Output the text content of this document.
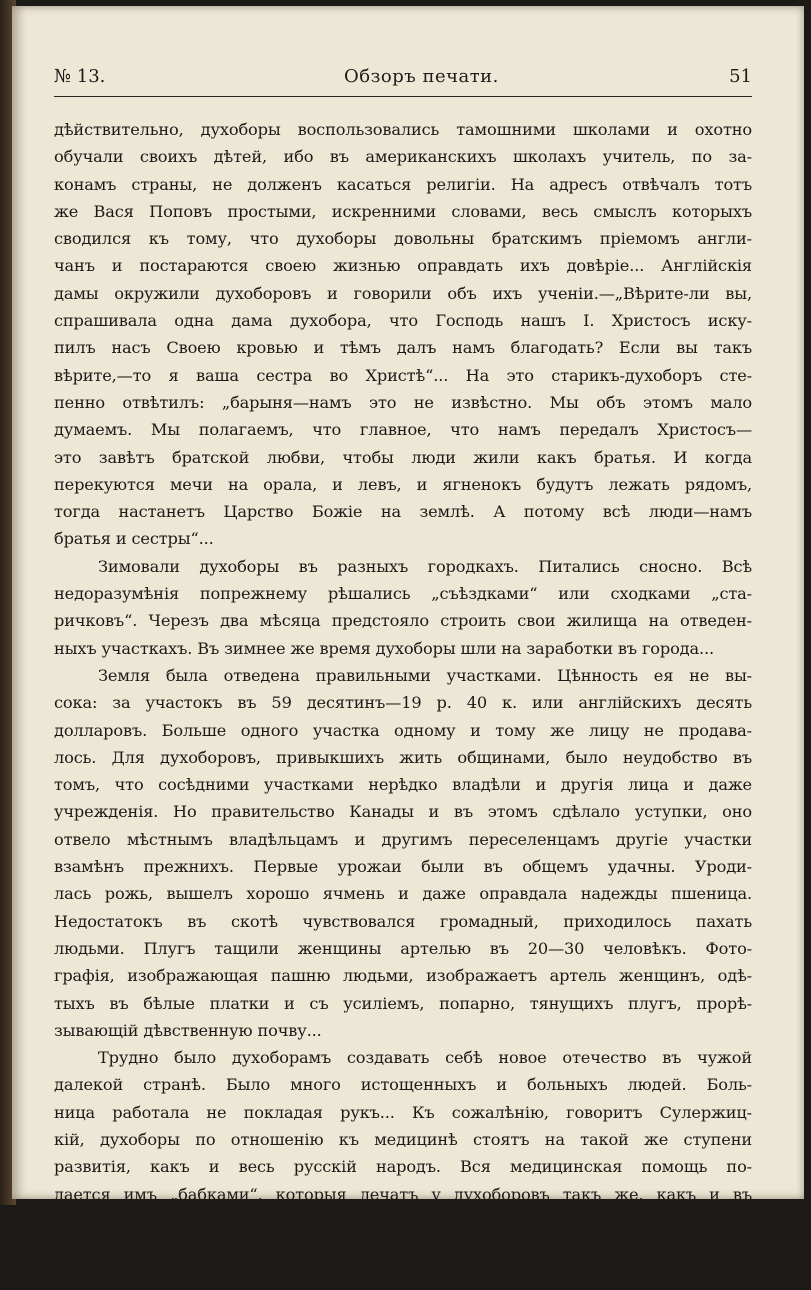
№ 13.	Обзоръ печати.	51
дѣйствительно, духоборы воспользовались тамошними школами и охотно
обучали своихъ дѣтей, ибо въ американскихъ школахъ учитель, по за-
конамъ страны, не долженъ касаться религіи. На адресъ отвѣчалъ тотъ
же Вася Поповъ простыми, искренними словами, весь смыслъ которыхъ
сводился къ тому, что духоборы довольны братскимъ пріемомъ англи-
чанъ и постараются своею жизнью оправдать ихъ довѣріе... Англійскія
дамы окружили духоборовъ и говорили объ ихъ ученіи.—„Вѣрите-ли вы,
спрашивала одна дама духобора, что Господь нашъ І. Христосъ иску-
пилъ насъ Своею кровью и тѣмъ далъ намъ благодать? Если вы такъ
вѣрите,—то я ваша сестра во Христѣ“... На это старикъ-духоборъ сте-
пенно отвѣтилъ: „барыня—намъ это не извѣстно. Мы объ этомъ мало
думаемъ. Мы полагаемъ, что главное, что намъ передалъ Христосъ—
это завѣтъ братской любви, чтобы люди жили какъ братья. И когда
перекуются мечи на орала, и левъ, и ягненокъ будутъ лежать рядомъ,
тогда настанетъ Царство Божіе на землѣ. А потому всѣ люди—намъ
братья и сестры“...
Зимовали духоборы въ разныхъ городкахъ. Питались сносно. Всѣ
недоразумѣнія попрежнему рѣшались „съѣздками“ или сходками „ста-
ричковъ“. Черезъ два мѣсяца предстояло строить свои жилища на отведен-
ныхъ участкахъ. Въ зимнее же время духоборы шли на заработки въ города...
Земля была отведена правильными участками. Цѣнность ея не вы-
сока: за участокъ въ 59 десятинъ—19 р. 40 к. или англійскихъ десять
долларовъ. Больше одного участка одному и тому же лицу не продава-
лось. Для духоборовъ, привыкшихъ жить общинами, было неудобство въ
томъ, что сосѣдними участками нерѣдко владѣли и другія лица и даже
учрежденія. Но правительство Канады и въ этомъ сдѣлало уступки, оно
отвело мѣстнымъ владѣльцамъ и другимъ переселенцамъ другіе участки
взамѣнъ прежнихъ. Первые урожаи были въ общемъ удачны. Уроди-
лась рожь, вышелъ хорошо ячмень и даже оправдала надежды пшеница.
Недостатокъ въ скотѣ чувствовался громадный, приходилось пахать
людьми. Плугъ тащили женщины артелью въ 20—30 человѣкъ. Фото-
графія, изображающая пашню людьми, изображаетъ артель женщинъ, одѣ-
тыхъ въ бѣлые платки и съ усиліемъ, попарно, тянущихъ плугъ, прорѣ-
зывающій дѣвственную почву...
Трудно было духоборамъ создавать себѣ новое отечество въ чужой
далекой странѣ. Было много истощенныхъ и больныхъ людей. Боль-
ница работала не покладая рукъ... Къ сожалѣнію, говоритъ Сулержиц-
кій, духоборы по отношенію къ медицинѣ стоятъ на такой же ступени
развитія, какъ и весь русскій народъ. Вся медицинская помощь по-
дается имъ „бабками“, которыя лечатъ у духоборовъ такъ же, какъ и въ
другихъ мѣстахъ Россійской имперіи. Лечатъ онѣ и сулемой, и крово-
пусканіемъ, и навозомъ, и всякими настоями, и даже „наговорами и на-
шептываніемъ“...
